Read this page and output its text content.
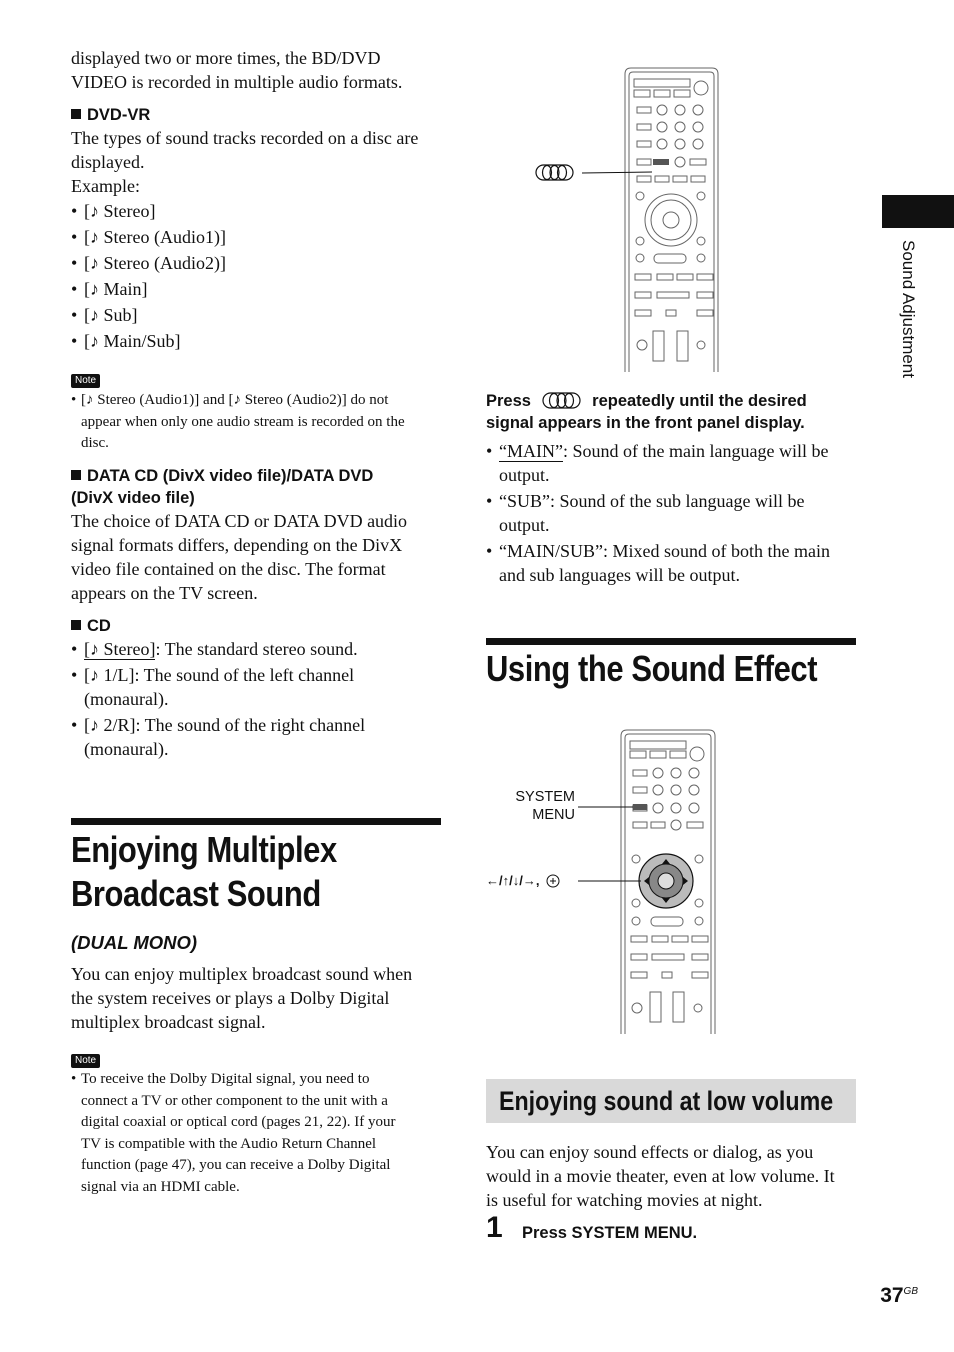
displayed two or more times, the BD/DVD

VIDEO is recorded in multiple audio formats.

DVD-VR

The types of sound tracks recorded on a disc are

displayed.

Example:

• [♪ Stereo]
• [♪ Stereo (Audio1)]
• [♪ Stereo (Audio2)]
• [♪ Main]
• [♪ Sub]
• [♪ Main/Sub]
Note
• [♪ Stereo (Audio1)] and [♪ Stereo (Audio2)] do not
appear when only one audio stream is recorded on the
disc.
DATA CD (DivX video file)/DATA DVD
(DivX video file)

The choice of DATA CD or DATA DVD audio

signal formats differs, depending on the DivX

video file contained on the disc. The format

appears on the TV screen.

CD
• [♪ Stereo]: The standard stereo sound.
• [♪ 1/L]: The sound of the left channel
(monaural).
• [♪ 2/R]: The sound of the right channel
(monaural).
Enjoying Multiplex
Broadcast Sound
(DUAL MONO)

You can enjoy multiplex broadcast sound when

the system receives or plays a Dolby Digital

multiplex broadcast signal.

Note
• To receive the Dolby Digital signal, you need to
connect a TV or other component to the unit with a
digital coaxial or optical cord (pages 21, 22). If your
TV is compatible with the Audio Return Channel
function (page 47), you can receive a Dolby Digital
signal via an HDMI cable.
Press	repeatedly until the desired
signal appears in the front panel display.
• “MAIN”: Sound of the main language will be
output.
• “SUB”: Sound of the sub language will be
output.
• “MAIN/SUB”: Mixed sound of both the main
and sub languages will be output.
Using the Sound Effect
SYSTEM
MENU
←/↑/↓/→,
Enjoying sound at low volume

You can enjoy sound effects or dialog, as you

would in a movie theater, even at low volume. It

is useful for watching movies at night.

1 Press SYSTEM MENU.
Sound Adjustment
$37^{GB}$
